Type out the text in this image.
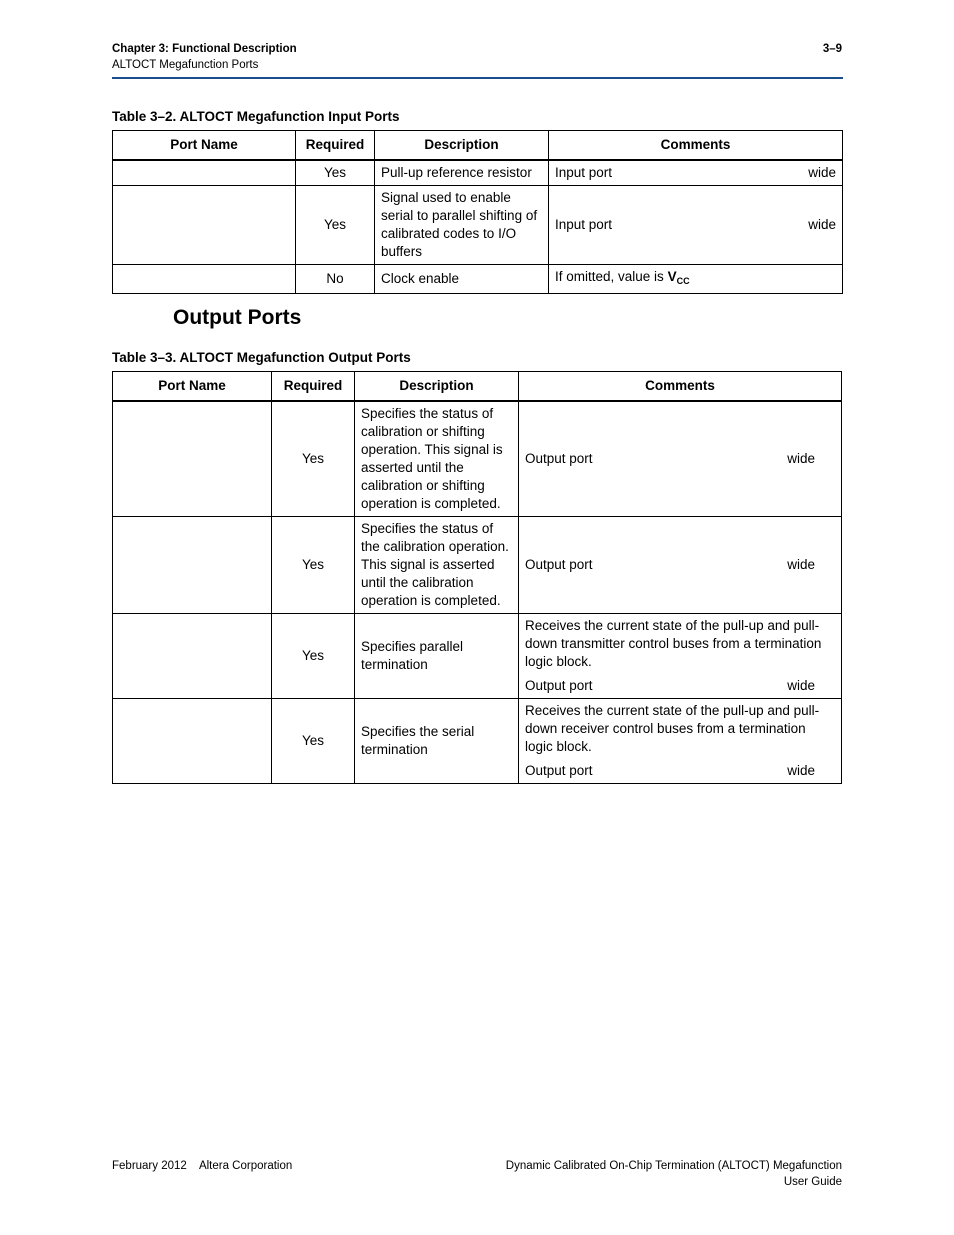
Chapter 3: Functional Description
ALTOCT Megafunction Ports
3–9
Table 3–2. ALTOCT Megafunction Input Ports
Port Name	Required	Description	Comments
	Yes	Pull-up reference resistor	Input port wide

	Yes	Signal used to enable serial to parallel shifting of calibrated codes to I/O buffers	Input port wide

	No	Clock enable	If omitted, value is $V_{CC}$
Output Ports
Table 3–3. ALTOCT Megafunction Output Ports
Port Name	Required	Description	Comments
	Yes	Specifies the status of calibration or shifting operation. This signal is asserted until the calibration or shifting operation is completed.	Output port wide

	Yes	Specifies the status of the calibration operation. This signal is asserted until the calibration operation is completed.	Output port wide

	Yes	Specifies parallel termination	Receives the current state of the pull-up and pull-down transmitter control buses from a termination logic block.
Output port wide

	Yes	Specifies the serial termination	Receives the current state of the pull-up and pull-down receiver control buses from a termination logic block.
Output port wide
February 2012    Altera Corporation	Dynamic Calibrated On-Chip Termination (ALTOCT) Megafunction
User Guide
